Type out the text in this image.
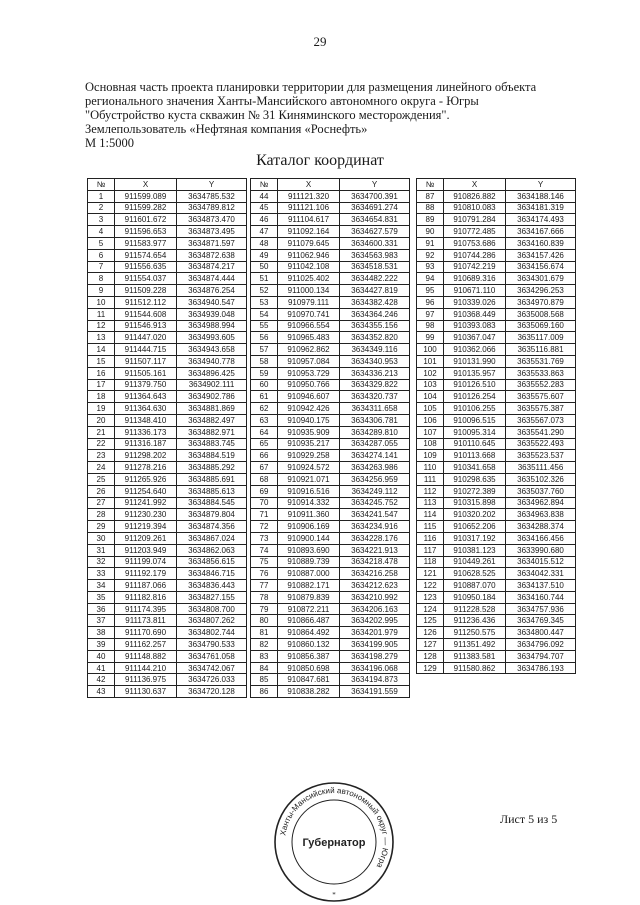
29
Основная часть проекта планировки территории для размещения линейного объекта
регионального значения Ханты-Мансийского автономного округа - Югры
"Обустройство куста скважин № 31 Киняминского месторождения".
Землепользователь «Нефтяная компания «Роснефть»
М 1:5000
Каталог координат
№	X	Y
1	911599.089	3634785.532
2	911599.282	3634789.812
3	911601.672	3634873.470
4	911596.653	3634873.495
5	911583.977	3634871.597
6	911574.654	3634872.638
7	911556.635	3634874.217
8	911554.037	3634874.444
9	911509.228	3634876.254
10	911512.112	3634940.547
11	911544.608	3634939.048
12	911546.913	3634988.994
13	911447.020	3634993.605
14	911444.715	3634943.658
15	911507.117	3634940.778
16	911505.161	3634896.425
17	911379.750	3634902.111
18	911364.643	3634902.786
19	911364.630	3634881.869
20	911348.410	3634882.497
21	911336.173	3634882.971
22	911316.187	3634883.745
23	911298.202	3634884.519
24	911278.216	3634885.292
25	911265.926	3634885.691
26	911254.640	3634885.613
27	911241.992	3634884.545
28	911230.230	3634879.804
29	911219.394	3634874.356
30	911209.261	3634867.024
31	911203.949	3634862.063
32	911199.074	3634856.615
33	911192.179	3634846.715
34	911187.066	3634836.443
35	911182.816	3634827.155
36	911174.395	3634808.700
37	911173.811	3634807.262
38	911170.690	3634802.744
39	911162.257	3634790.533
40	911148.882	3634761.058
41	911144.210	3634742.067
42	911136.975	3634726.033
43	911130.637	3634720.128
№	X	Y
44	911121.320	3634700.391
45	911121.106	3634691.274
46	911104.617	3634654.831
47	911092.164	3634627.579
48	911079.645	3634600.331
49	911062.946	3634563.983
50	911042.108	3634518.531
51	911025.402	3634482.222
52	911000.134	3634427.819
53	910979.111	3634382.428
54	910970.741	3634364.246
55	910966.554	3634355.156
56	910965.483	3634352.820
57	910962.862	3634349.116
58	910957.084	3634340.953
59	910953.729	3634336.213
60	910950.766	3634329.822
61	910946.607	3634320.737
62	910942.426	3634311.658
63	910940.175	3634306.781
64	910935.909	3634289.810
65	910935.217	3634287.055
66	910929.258	3634274.141
67	910924.572	3634263.986
68	910921.071	3634256.959
69	910916.516	3634249.112
70	910914.332	3634245.752
71	910911.360	3634241.547
72	910906.169	3634234.916
73	910900.144	3634228.176
74	910893.690	3634221.913
75	910889.739	3634218.478
76	910887.000	3634216.258
77	910882.171	3634212.623
78	910879.839	3634210.992
79	910872.211	3634206.163
80	910866.487	3634202.995
81	910864.492	3634201.979
82	910860.132	3634199.905
83	910856.387	3634198.279
84	910850.698	3634196.068
85	910847.681	3634194.873
86	910838.282	3634191.559
№	X	Y
87	910826.882	3634188.146
88	910810.083	3634181.319
89	910791.284	3634174.493
90	910772.485	3634167.666
91	910753.686	3634160.839
92	910744.286	3634157.426
93	910742.219	3634156.674
94	910689.316	3634301.679
95	910671.110	3634296.253
96	910339.026	3634970.879
97	910368.449	3635008.568
98	910393.083	3635069.160
99	910367.047	3635117.009
100	910362.066	3635116.881
101	910131.990	3635531.769
102	910135.957	3635533.863
103	910126.510	3635552.283
104	910126.254	3635575.607
105	910106.255	3635575.387
106	910096.515	3635567.073
107	910095.314	3635541.290
108	910110.645	3635522.493
109	910113.668	3635523.537
110	910341.658	3635111.456
111	910298.635	3635102.326
112	910272.389	3635037.760
113	910315.898	3634962.894
114	910320.202	3634963.838
115	910652.206	3634288.374
116	910317.192	3634166.456
117	910381.123	3633990.680
118	910449.261	3634015.512
121	910628.525	3634042.331
122	910887.070	3634137.510
123	910950.184	3634160.744
124	911228.528	3634757.936
125	911236.436	3634769.345
126	911250.575	3634800.447
127	911351.492	3634796.092
128	911383.581	3634794.707
129	911580.862	3634786.193
Ханты-Мансийский автономный округ — Югра
Губернатор
*
Лист 5 из 5
